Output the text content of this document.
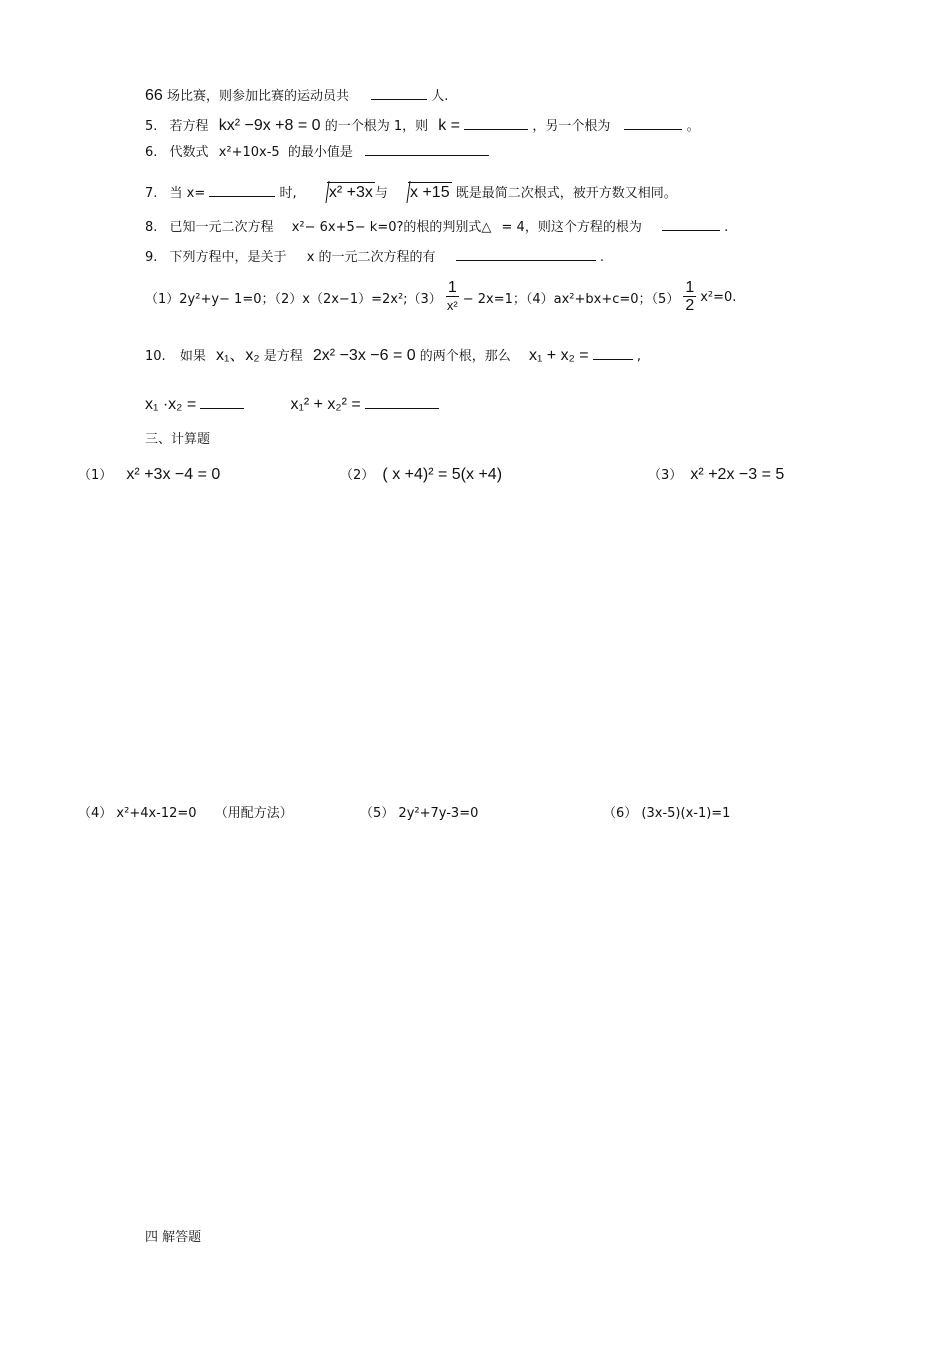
66 场比赛，则参加比赛的运动员共	人.
5. 若方程 kx² −9x +8 = 0 的一个根为 1，则 k =	，另一个根为	。
6. 代数式 x²+10x-5 的最小值是
7. 当 x=	时, x² +3x 与 x +15 既是最简二次根式，被开方数又相同。
8. 已知一元二次方程 x²− 6x+5− k=0?的根的判别式△ = 4，则这个方程的根为	.
9. 下列方程中，是关于 x 的一元二次方程的有	.
（1）2y²+y− 1=0；（2）x（2x−1）=2x²;（3） $\frac{1}{\text{x²}} - 2x=1$；（4）ax²+bx+c=0；$(5) \frac{1}{2} x^2=0$.
10. 如果 x₁、x₂ 是方程 2x² −3x −6 = 0 的两个根，那么 x₁ + x₂ =	,
x₁ ·x₂ =	x₁² + x₂² =
三、计算题
（1） x² +3x −4 = 0	（2） ( x +4)² = 5(x +4)	（3） x² +2x −3 = 5
（4） x²+4x-12=0 （用配方法）	（5） 2y²+7y-3=0	（6） (3x-5)(x-1)=1
四 解答题
